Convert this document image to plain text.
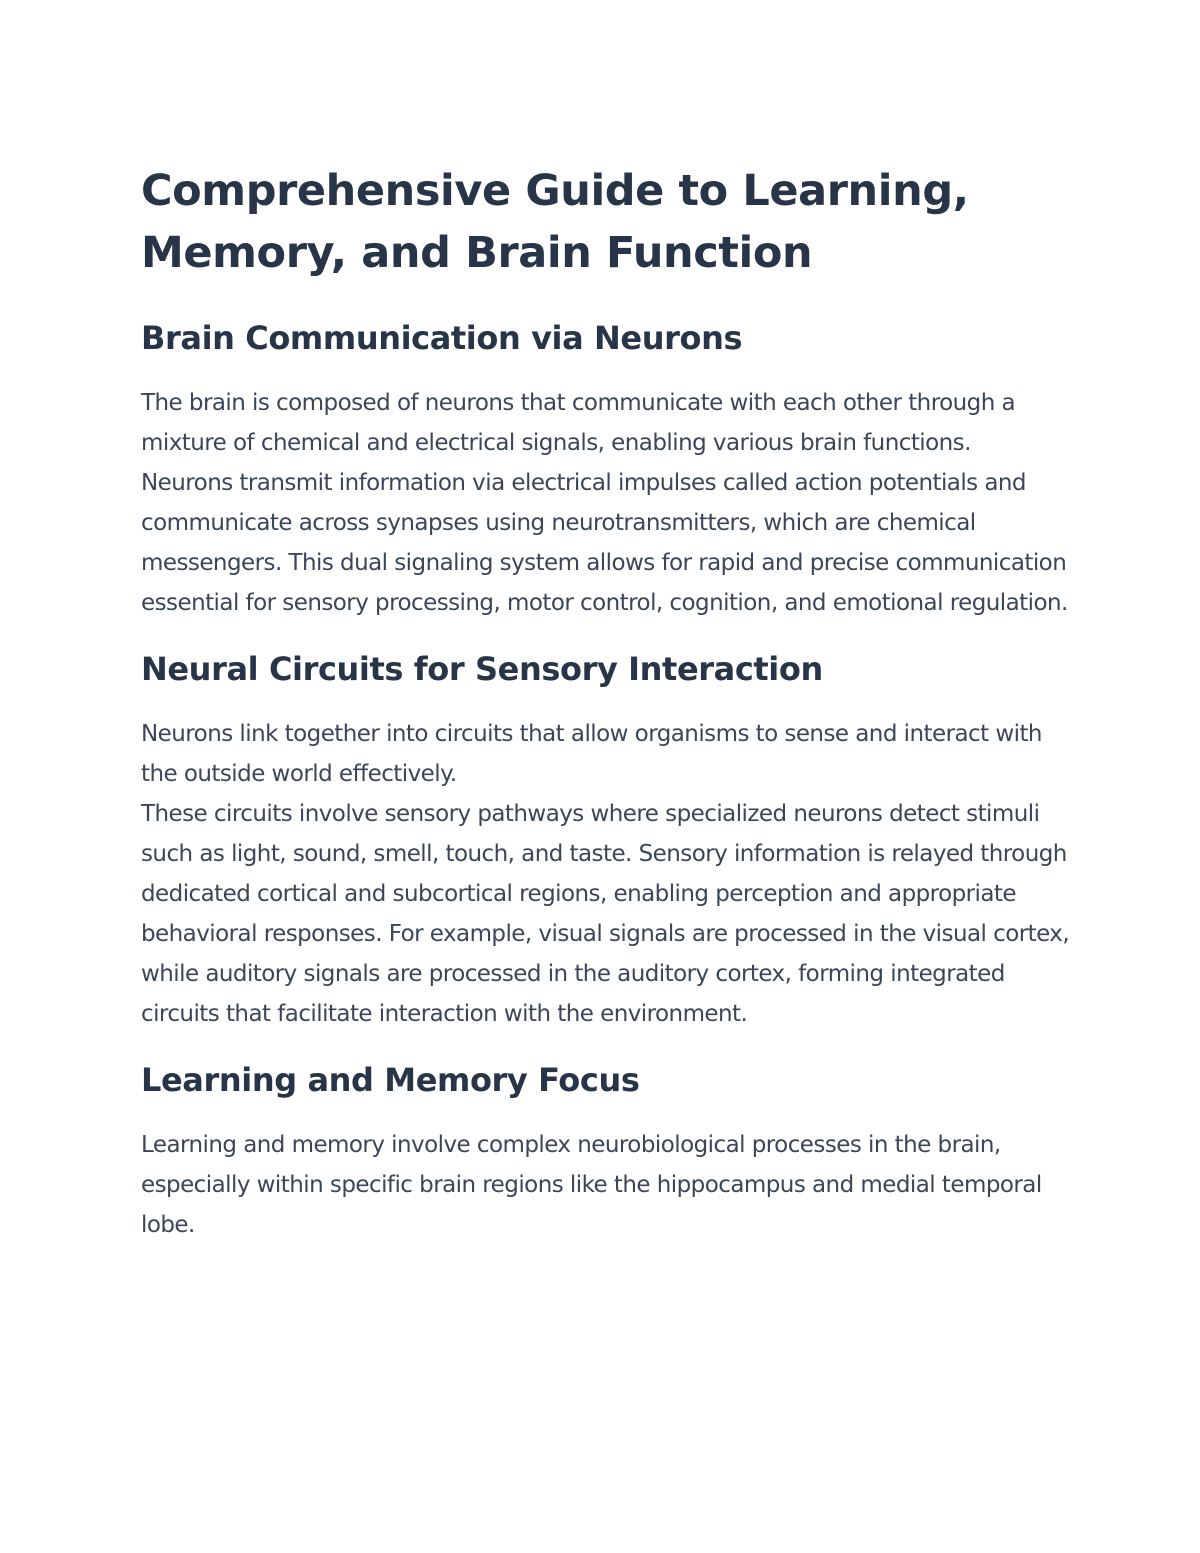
Comprehensive Guide to Learning, Memory, and Brain Function
Brain Communication via Neurons

The brain is composed of neurons that communicate with each other through a mixture of chemical and electrical signals, enabling various brain functions.

Neurons transmit information via electrical impulses called action potentials and communicate across synapses using neurotransmitters, which are chemical messengers. This dual signaling system allows for rapid and precise communication essential for sensory processing, motor control, cognition, and emotional regulation.

Neural Circuits for Sensory Interaction

Neurons link together into circuits that allow organisms to sense and interact with the outside world effectively.

These circuits involve sensory pathways where specialized neurons detect stimuli such as light, sound, smell, touch, and taste. Sensory information is relayed through dedicated cortical and subcortical regions, enabling perception and appropriate behavioral responses. For example, visual signals are processed in the visual cortex, while auditory signals are processed in the auditory cortex, forming integrated circuits that facilitate interaction with the environment.

Learning and Memory Focus

Learning and memory involve complex neurobiological processes in the brain, especially within specific brain regions like the hippocampus and medial temporal lobe.
